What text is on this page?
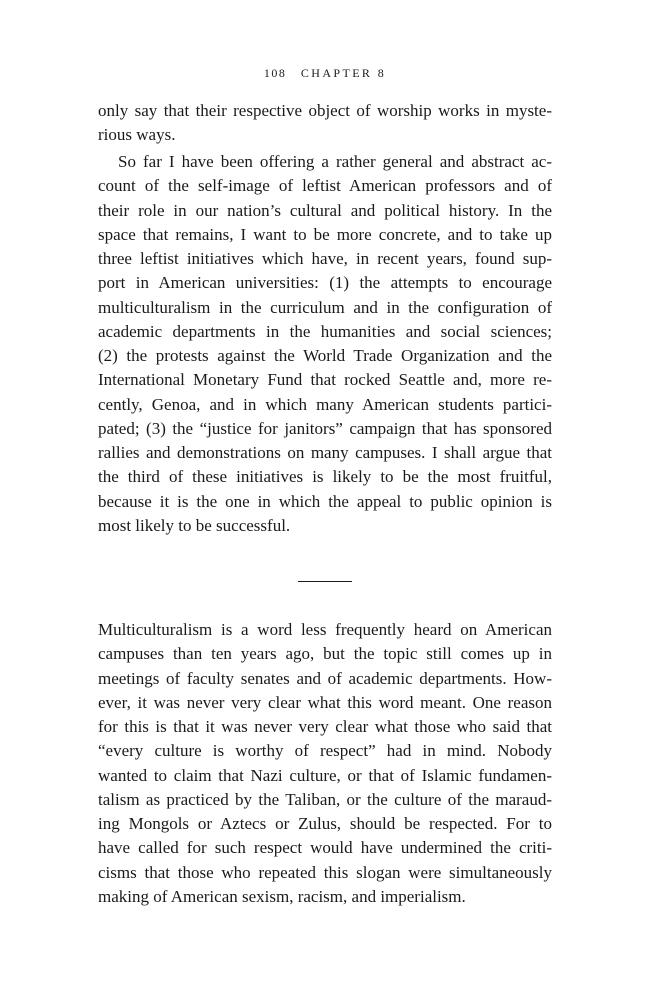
108 CHAPTER 8
only say that their respective object of worship works in myste-
rious ways.
So far I have been offering a rather general and abstract ac-
count of the self-image of leftist American professors and of
their role in our nation’s cultural and political history. In the
space that remains, I want to be more concrete, and to take up
three leftist initiatives which have, in recent years, found sup-
port in American universities: (1) the attempts to encourage
multiculturalism in the curriculum and in the configuration of
academic departments in the humanities and social sciences;
(2) the protests against the World Trade Organization and the
International Monetary Fund that rocked Seattle and, more re-
cently, Genoa, and in which many American students partici-
pated; (3) the “justice for janitors” campaign that has sponsored
rallies and demonstrations on many campuses. I shall argue that
the third of these initiatives is likely to be the most fruitful,
because it is the one in which the appeal to public opinion is
most likely to be successful.
Multiculturalism is a word less frequently heard on American
campuses than ten years ago, but the topic still comes up in
meetings of faculty senates and of academic departments. How-
ever, it was never very clear what this word meant. One reason
for this is that it was never very clear what those who said that
“every culture is worthy of respect” had in mind. Nobody
wanted to claim that Nazi culture, or that of Islamic fundamen-
talism as practiced by the Taliban, or the culture of the maraud-
ing Mongols or Aztecs or Zulus, should be respected. For to
have called for such respect would have undermined the criti-
cisms that those who repeated this slogan were simultaneously
making of American sexism, racism, and imperialism.
